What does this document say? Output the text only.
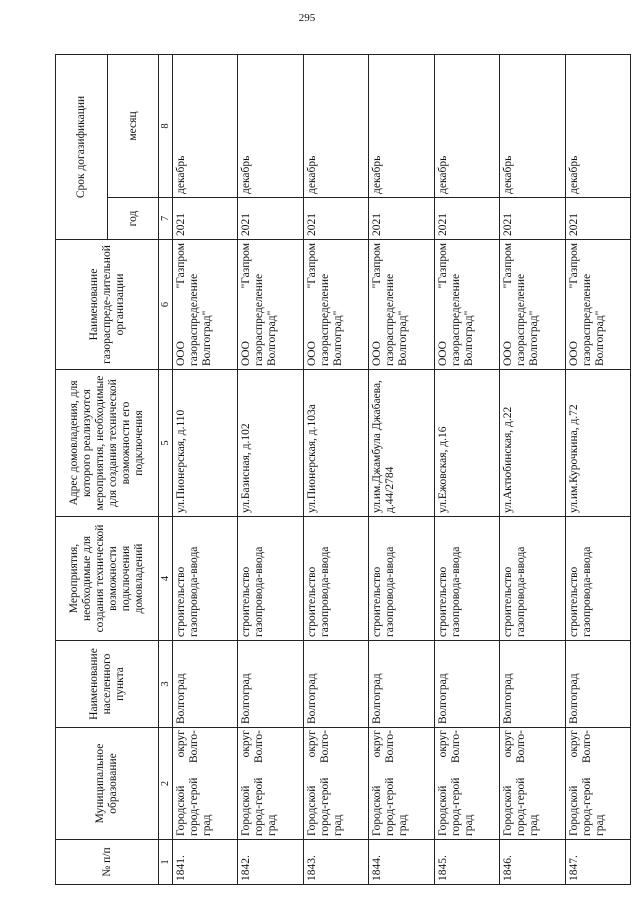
295
№ п/п	Муниципальное образование	Наименование населенного пункта	Мероприятия, необходимые для создания технической возможности подключения домовладений	Адрес домовладения, для которого реализуются мероприятия, необходимые для создания технической возможности его подключения	Наименование газораспреде-лительной организации	Срок догазификации	
						год	месяц
1	2	3	4	5	6	7	8
1841.	Городской округ город-герой Волго-град	Волгоград	строительство газопровода-ввода	ул.Пионерская, д.110	ООО "Газпром газораспределение Волгоград"	2021	декабрь
1842.	Городской округ город-герой Волго-град	Волгоград	строительство газопровода-ввода	ул.Базисная, д.102	ООО "Газпром газораспределение Волгоград"	2021	декабрь
1843.	Городской округ город-герой Волго-град	Волгоград	строительство газопровода-ввода	ул.Пионерская, д.103а	ООО "Газпром газораспределение Волгоград"	2021	декабрь
1844.	Городской округ город-герой Волго-град	Волгоград	строительство газопровода-ввода	ул.им.Джамбула Джабаева, д.44/2784	ООО "Газпром газораспределение Волгоград"	2021	декабрь
1845.	Городской округ город-герой Волго-град	Волгоград	строительство газопровода-ввода	ул.Ежовская, д.16	ООО "Газпром газораспределение Волгоград"	2021	декабрь
1846.	Городской округ город-герой Волго-град	Волгоград	строительство газопровода-ввода	ул.Актюбинская, д.22	ООО "Газпром газораспределение Волгоград"	2021	декабрь
1847.	Городской округ город-герой Волго-град	Волгоград	строительство газопровода-ввода	ул.им.Курочкина, д.72	ООО "Газпром газораспределение Волгоград"	2021	декабрь
